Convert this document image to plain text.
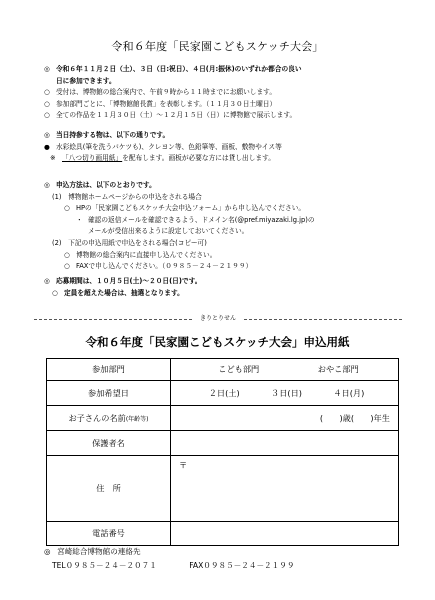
令和６年度「民家園こどもスケッチ大会」
◎ 令和６年１１月２日（土）、３日（日:祝日）、４日(月:振休)のいずれか都合の良い
日に参加できます。
○ 受付は、博物館の総合案内で、午前９時から１１時までにお願いします。
○ 参加部門ごとに、「博物館館長賞」を表彰します。（１１月３０日土曜日）
○ 全ての作品を１１月３０日（土）〜１２月１５日（日）に博物館で展示します。
◎ 当日持参する物は、以下の通りです。
● 水彩絵具(筆を洗うバケツも)、クレヨン等、色鉛筆等、画板、敷物やイス等
※ 「八つ切り画用紙」 を配布します。画板が必要な方には貸し出します。
◎ 申込方法は、以下のとおりです。
(1)　博物館ホームページからの申込をされる場合
○ HPの「民家園こどもスケッチ大会申込フォーム」から申し込んでください。
・ 確認の返信メールを確認できるよう、ドメイン名(@pref.miyazaki.lg.jp)の
メールが受信出来るように設定しておいてください。
(2)　下記の申込用紙で申込をされる場合(コピー可)
○ 博物館の総合案内に直接申し込んでください。
○ FAXで申し込んでください。（０９８５－２４－２１９９）
◎ 応募期間は、１０月５日(土)～２０日(日)です。
○ 定員を超えた場合は、抽選となります。
きりとりせん
令和６年度「民家園こどもスケッチ大会」申込用紙
参加部門	こども部門 おやこ部門

参加希望日	２日(土) ３日(日) ４日(月)

お子さんの名前(年齢等)	(　　)歳(　　)年生
保護者名	
住　所	〒
電話番号	
◎ 宮崎総合博物館の連絡先
TEL０９８５－２４－２０７１	FAX０９８５－２４－２１９９
